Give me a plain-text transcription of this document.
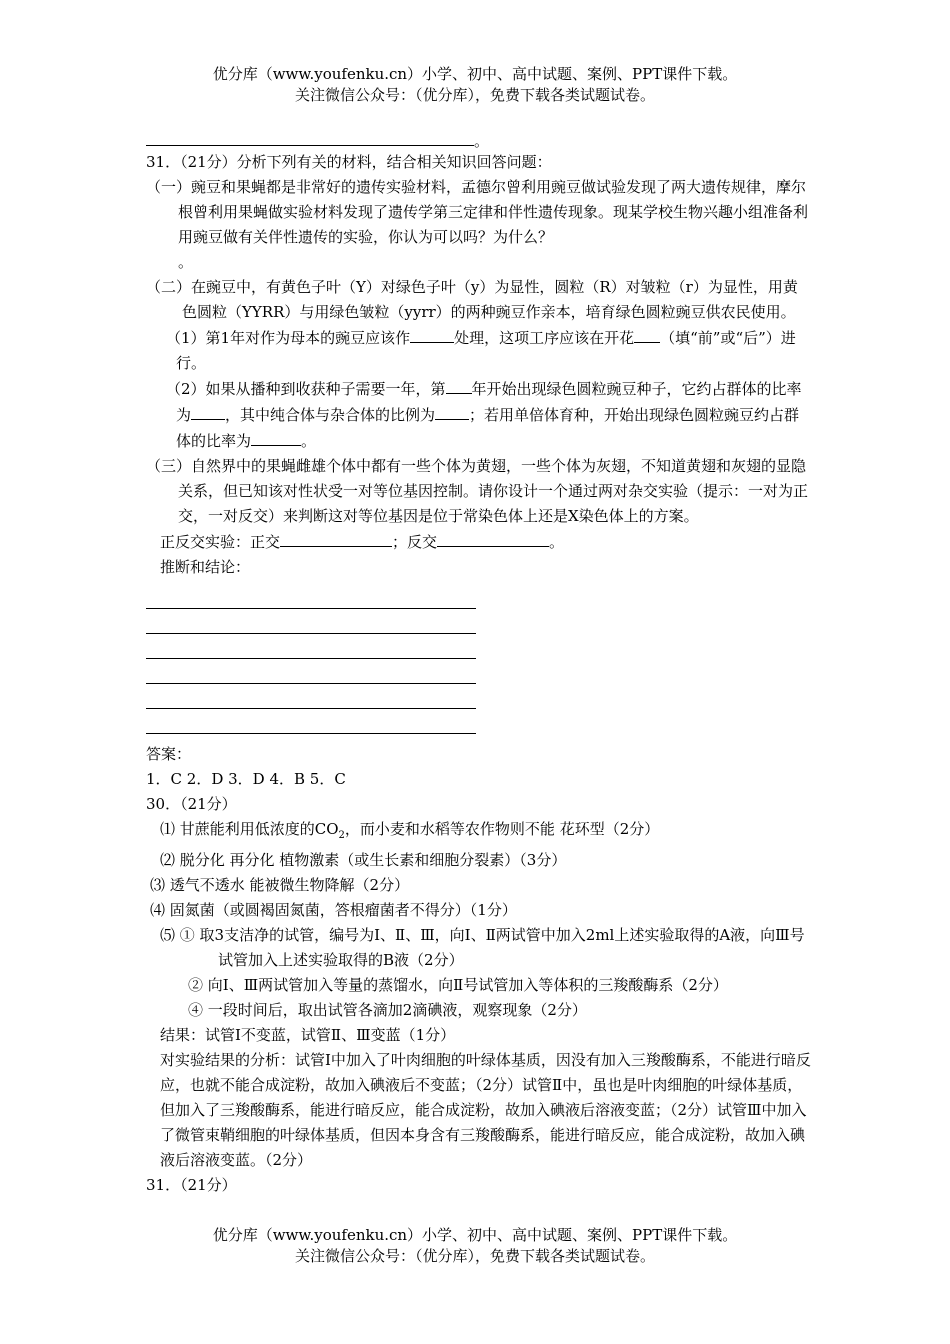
优分库（www.youfenku.cn）小学、初中、高中试题、案例、PPT课件下载。
关注微信公众号：（优分库），免费下载各类试题试卷。
。
31．（21分）分析下列有关的材料，结合相关知识回答问题：
（一）豌豆和果蝇都是非常好的遗传实验材料，孟德尔曾利用豌豆做试验发现了两大遗传规律，摩尔根曾利用果蝇做实验材料发现了遗传学第三定律和伴性遗传现象。现某学校生物兴趣小组准备利用豌豆做有关伴性遗传的实验，你认为可以吗？为什么？
。
（二）在豌豆中，有黄色子叶（Y）对绿色子叶（y）为显性，圆粒（R）对皱粒（r）为显性，用黄色圆粒（YYRR）与用绿色皱粒（yyrr）的两种豌豆作亲本，培育绿色圆粒豌豆供农民使用。
（1）第1年对作为母本的豌豆应该作	处理，这项工序应该在开花 （填“前”或“后”）进行。
（2）如果从播种到收获种子需要一年，第 年开始出现绿色圆粒豌豆种子，它约占群体的比率为 ，其中纯合体与杂合体的比例为 ；若用单倍体育种，开始出现绿色圆粒豌豆约占群体的比率为	。
（三）自然界中的果蝇雌雄个体中都有一些个体为黄翅，一些个体为灰翅，不知道黄翅和灰翅的显隐关系，但已知该对性状受一对等位基因控制。请你设计一个通过两对杂交实验（提示：一对为正交，一对反交）来判断这对等位基因是位于常染色体上还是X染色体上的方案。
正反交实验：正交	；反交	。
推断和结论：
答案：
1．C 2．D 3．D 4．B 5．C
30．（21分）
⑴ 甘蔗能利用低浓度的$CO_2$，而小麦和水稻等农作物则不能 花环型（2分）
⑵ 脱分化 再分化 植物激素（或生长素和细胞分裂素）（3分）
⑶ 透气不透水 能被微生物降解（2分）
⑷ 固氮菌（或圆褐固氮菌，答根瘤菌者不得分）（1分）
⑸ ① 取3支洁净的试管，编号为Ⅰ、Ⅱ、Ⅲ，向Ⅰ、Ⅱ两试管中加入2ml上述实验取得的A液，向Ⅲ号试管加入上述实验取得的B液（2分）
② 向Ⅰ、Ⅲ两试管加入等量的蒸馏水，向Ⅱ号试管加入等体积的三羧酸酶系（2分）
④ 一段时间后，取出试管各滴加2滴碘液，观察现象（2分）
结果：试管Ⅰ不变蓝，试管Ⅱ、Ⅲ变蓝（1分）
对实验结果的分析：试管Ⅰ中加入了叶肉细胞的叶绿体基质，因没有加入三羧酸酶系，不能进行暗反应，也就不能合成淀粉，故加入碘液后不变蓝；（2分）试管Ⅱ中，虽也是叶肉细胞的叶绿体基质，但加入了三羧酸酶系，能进行暗反应，能合成淀粉，故加入碘液后溶液变蓝；（2分）试管Ⅲ中加入了微管束鞘细胞的叶绿体基质，但因本身含有三羧酸酶系，能进行暗反应，能合成淀粉，故加入碘液后溶液变蓝。（2分）
31．（21分）
优分库（www.youfenku.cn）小学、初中、高中试题、案例、PPT课件下载。
关注微信公众号：（优分库），免费下载各类试题试卷。
